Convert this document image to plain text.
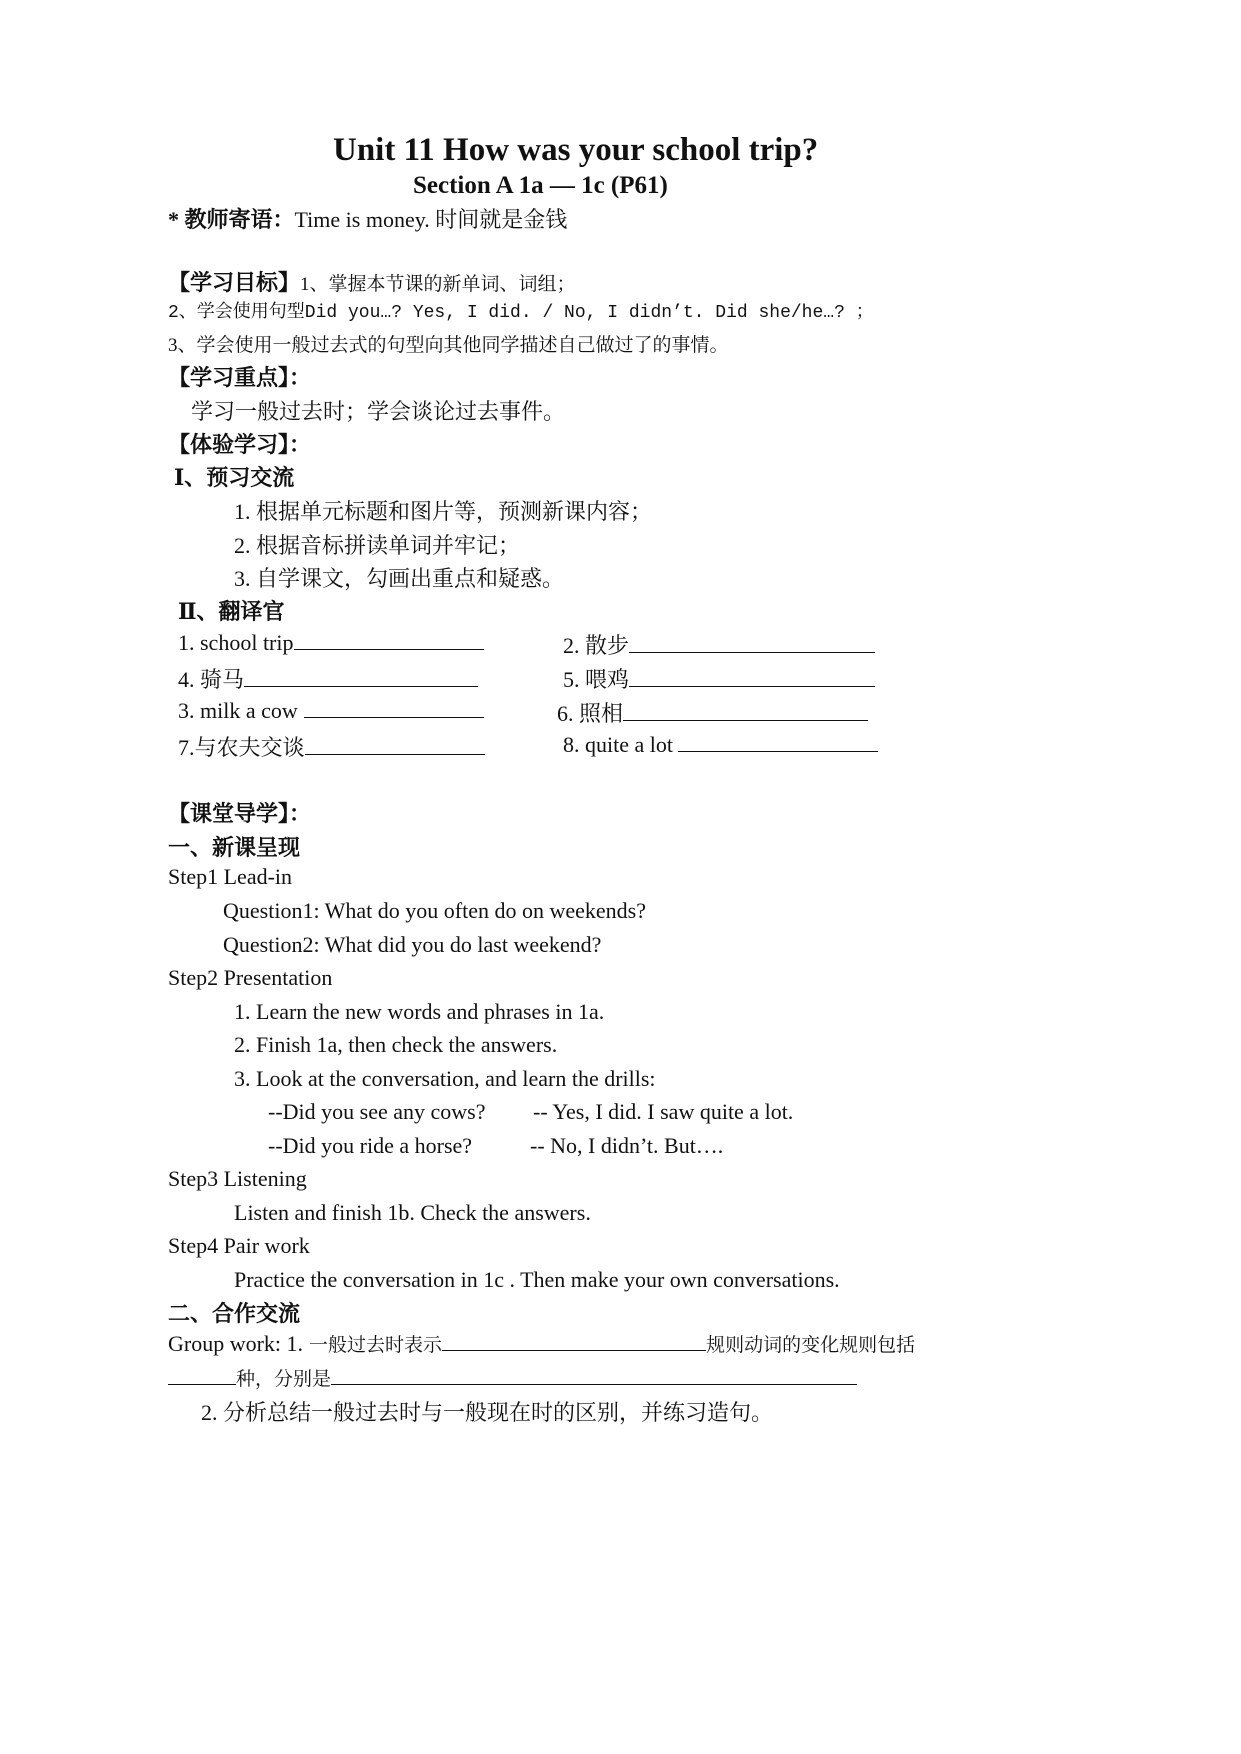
Unit 11 How was your school trip?
Section A 1a — 1c (P61)
* 教师寄语：Time is money. 时间就是金钱
【学习目标】1、掌握本节课的新单词、词组；
2、学会使用句型Did you…? Yes, I did. / No, I didn’t. Did she/he…? ；
3、学会使用一般过去式的句型向其他同学描述自己做过了的事情。
【学习重点】：
学习一般过去时；学会谈论过去事件。
【体验学习】：
Ⅰ、预习交流
1. 根据单元标题和图片等，预测新课内容；
2. 根据音标拼读单词并牢记；
3. 自学课文，勾画出重点和疑惑。
Ⅱ、翻译官
1. school trip	2. 散步
4. 骑马	5. 喂鸡
3. milk a cow	6. 照相
7.与农夫交谈	8. quite a lot
【课堂导学】：
一、新课呈现
Step1 Lead-in
Question1: What do you often do on weekends?
Question2: What did you do last weekend?
Step2 Presentation
1. Learn the new words and phrases in 1a.
2. Finish 1a, then check the answers.
3. Look at the conversation, and learn the drills:
--Did you see any cows? -- Yes, I did. I saw quite a lot.
--Did you ride a horse?	-- No, I didn’t. But….
Step3 Listening
Listen and finish 1b. Check the answers.
Step4 Pair work
Practice the conversation in 1c . Then make your own conversations.
二、合作交流
Group work: 1. 一般过去时表示	规则动词的变化规则包括
种，分别是
2. 分析总结一般过去时与一般现在时的区别，并练习造句。
